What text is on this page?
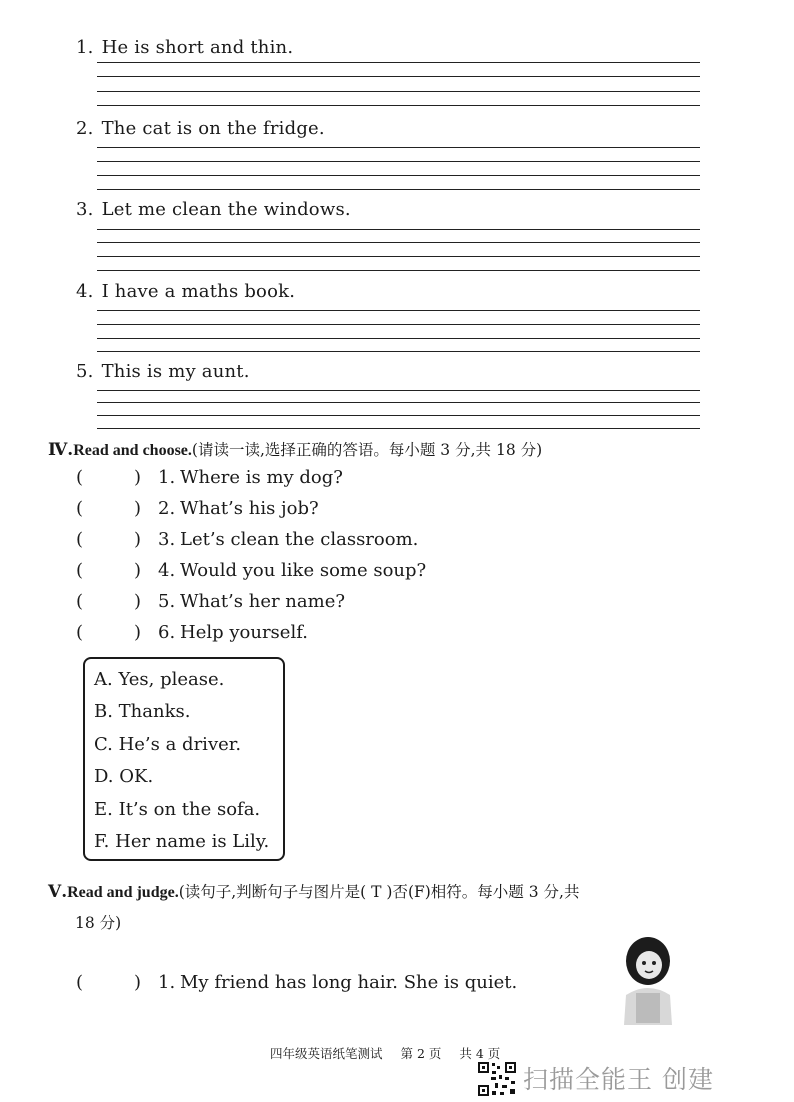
1. He is short and thin.
2. The cat is on the fridge.
3. Let me clean the windows.
4. I have a maths book.
5. This is my aunt.
Ⅳ.Read and choose.(请读一读,选择正确的答语。每小题 3 分,共 18 分)
(	) 1. Where is my dog?
(	) 2. What’s his job?
(	) 3. Let’s clean the classroom.
(	) 4. Would you like some soup?
(	) 5. What’s her name?
(	) 6. Help yourself.
A. Yes, please.
B. Thanks.
C. He’s a driver.
D. OK.
E. It’s on the sofa.
F. Her name is Lily.
Ⅴ.Read and judge.(读句子,判断句子与图片是( T )否(F)相符。每小题 3 分,共
18 分)
(	) 1. My friend has long hair. She is quiet.
四年级英语纸笔测试 第 2 页 共 4 页
扫描全能王 创建
